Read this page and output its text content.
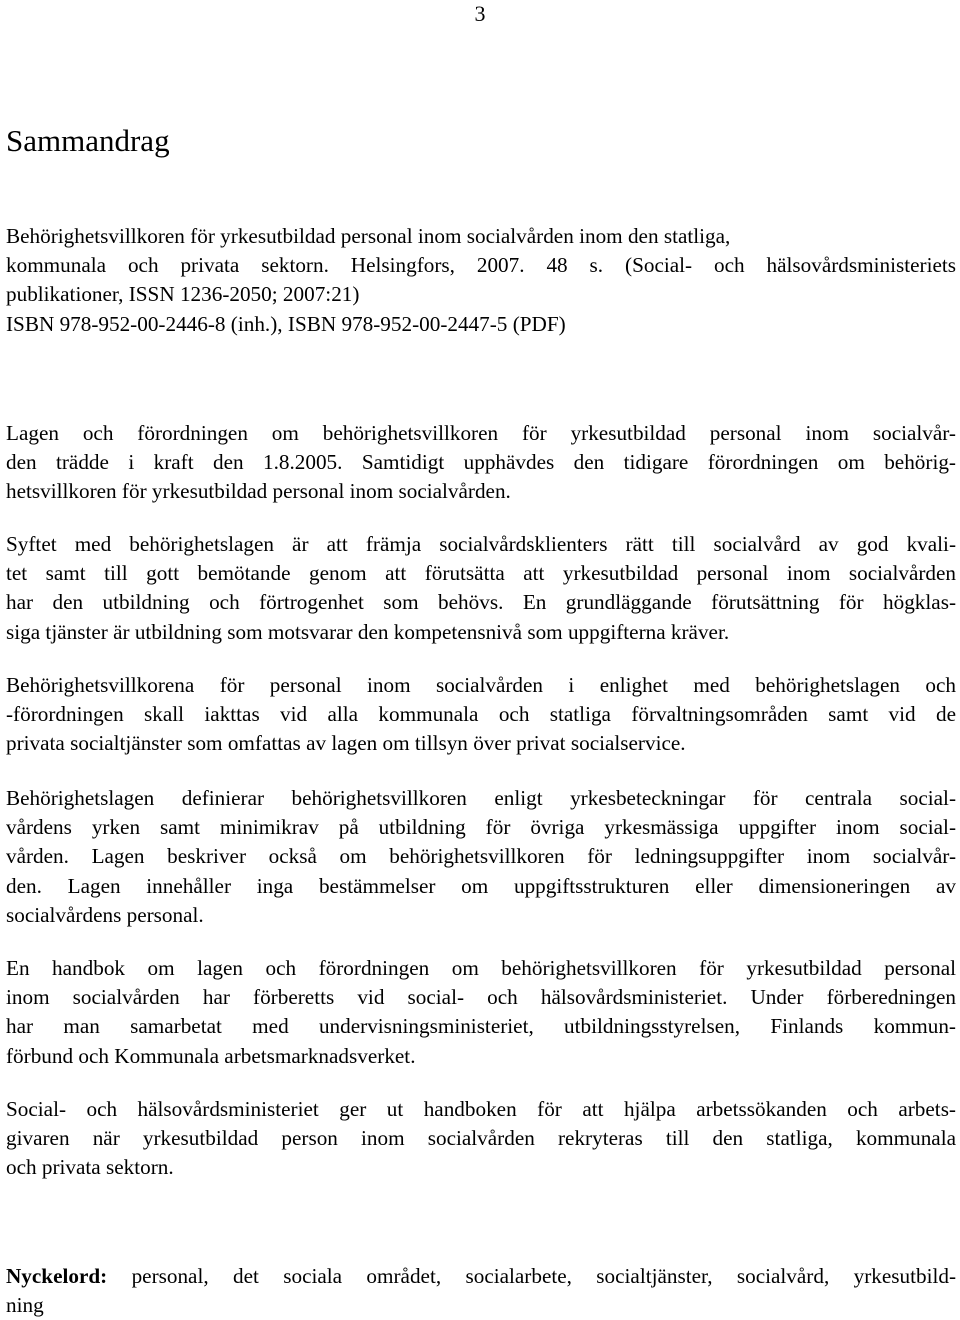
3
Sammandrag

Behörighetsvillkoren för yrkesutbildad personal inom socialvården inom den statliga,
kommunala och privata sektorn. Helsingfors, 2007. 48 s. (Social- och hälsovårdsministeriets
publikationer, ISSN 1236-2050; 2007:21)
ISBN 978-952-00-2446-8 (inh.), ISBN 978-952-00-2447-5 (PDF)

Lagen och förordningen om behörighetsvillkoren för yrkesutbildad personal inom socialvår-
den trädde i kraft den 1.8.2005. Samtidigt upphävdes den tidigare förordningen om behörig-
hetsvillkoren för yrkesutbildad personal inom socialvården.

Syftet med behörighetslagen är att främja socialvårdsklienters rätt till socialvård av god kvali-
tet samt till gott bemötande genom att förutsätta att yrkesutbildad personal inom socialvården
har den utbildning och förtrogenhet som behövs. En grundläggande förutsättning för högklas-
siga tjänster är utbildning som motsvarar den kompetensnivå som uppgifterna kräver.

Behörighetsvillkorena för personal inom socialvården i enlighet med behörighetslagen och
-förordningen skall iakttas vid alla kommunala och statliga förvaltningsområden samt vid de
privata socialtjänster som omfattas av lagen om tillsyn över privat socialservice.

Behörighetslagen definierar behörighetsvillkoren enligt yrkesbeteckningar för centrala social-
vårdens yrken samt minimikrav på utbildning för övriga yrkesmässiga uppgifter inom social-
vården. Lagen beskriver också om behörighetsvillkoren för ledningsuppgifter inom socialvår-
den. Lagen innehåller inga bestämmelser om uppgiftsstrukturen eller dimensioneringen av
socialvårdens personal.

En handbok om lagen och förordningen om behörighetsvillkoren för yrkesutbildad personal
inom socialvården har förberetts vid social- och hälsovårdsministeriet. Under förberedningen
har man samarbetat med undervisningsministeriet, utbildningsstyrelsen, Finlands kommun-
förbund och Kommunala arbetsmarknadsverket.

Social- och hälsovårdsministeriet ger ut handboken för att hjälpa arbetssökanden och arbets-
givaren när yrkesutbildad person inom socialvården rekryteras till den statliga, kommunala
och privata sektorn.

Nyckelord: personal, det sociala området, socialarbete, socialtjänster, socialvård, yrkesutbild-
ning
